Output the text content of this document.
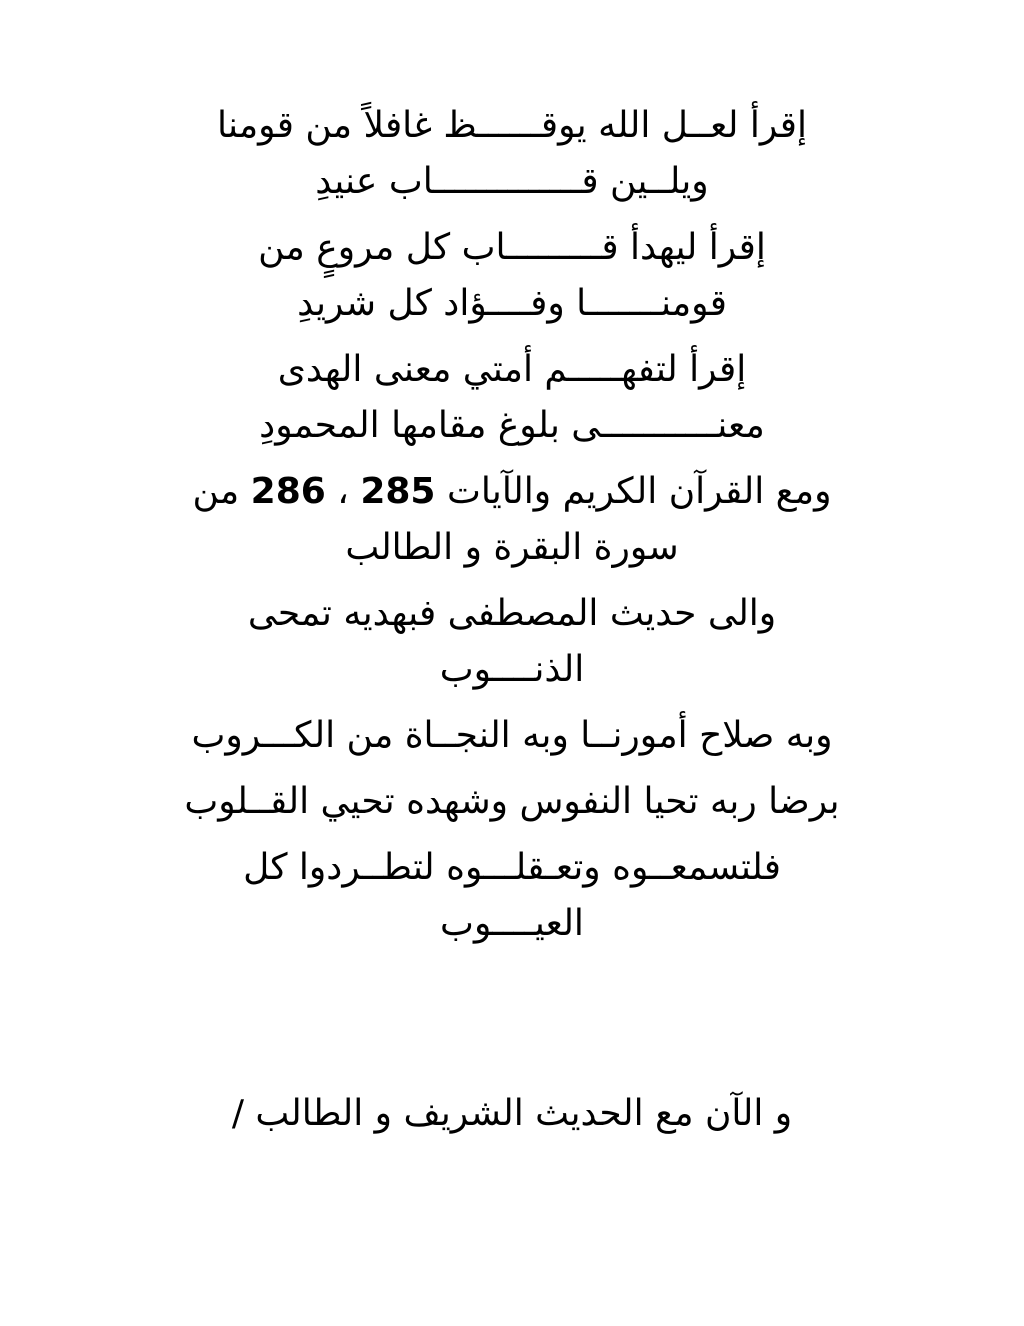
إقرأ لعــل الله يوقــــــظ غافلاً من قومنا
ويلــين قــــــــــــــاب عنيدِ

إقرأ ليهدأ قـــــــــاب كل مروعٍ من
قومنـــــــا وفــــؤاد كل شريدِ

إقرأ لتفهـــــم أمتي معنى الهدى
معنـــــــــــى بلوغ مقامها المحمودِ

ومع القرآن الكريم والآيات 285 ، 286 من
سورة البقرة و الطالب

والى حديث المصطفى فبهديه تمحى
الذنــــوب

وبه صلاح أمورنــا وبه النجــاة من الكـــروب

برضا ربه تحيا النفوس وشهده تحيي القــلوب

فلتسمعــوه وتعـقلـــوه لتطــردوا كل
العيــــوب

و الآن مع الحديث الشريف و الطالب /
